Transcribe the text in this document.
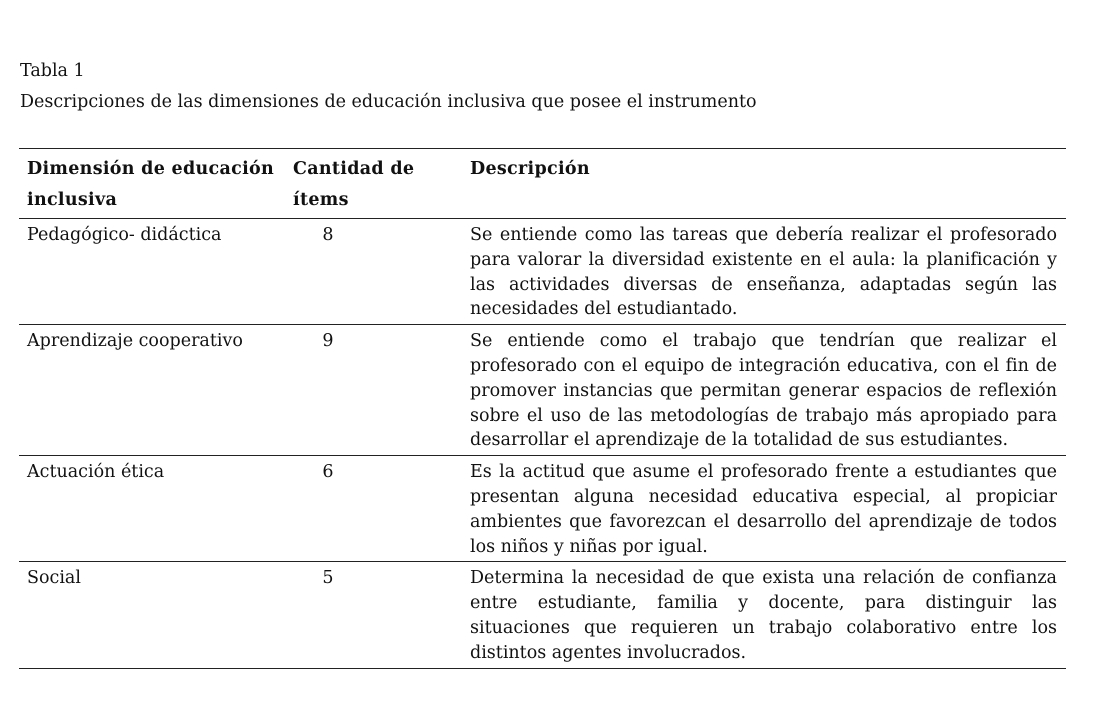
Tabla 1
Descripciones de las dimensiones de educación inclusiva que posee el instrumento
Dimensión de educación inclusiva	Cantidad de ítems	Descripción
Pedagógico- didáctica	8	Se entiende como las tareas que debería realizar el profesorado para valorar la diversidad existente en el aula: la planificación y las actividades diversas de enseñanza, adaptadas según las necesidades del estudiantado.
Aprendizaje cooperativo	9	Se entiende como el trabajo que tendrían que realizar el profesorado con el equipo de integración educativa, con el fin de promover instancias que permitan generar espacios de reflexión sobre el uso de las metodologías de trabajo más apropiado para desarrollar el aprendizaje de la totalidad de sus estudiantes.
Actuación ética	6	Es la actitud que asume el profesorado frente a estudiantes que presentan alguna necesidad educativa especial, al propiciar ambientes que favorezcan el desarrollo del aprendizaje de todos los niños y niñas por igual.
Social	5	Determina la necesidad de que exista una relación de confianza entre estudiante, familia y docente, para distinguir las situaciones que requieren un trabajo colaborativo entre los distintos agentes involucrados.
